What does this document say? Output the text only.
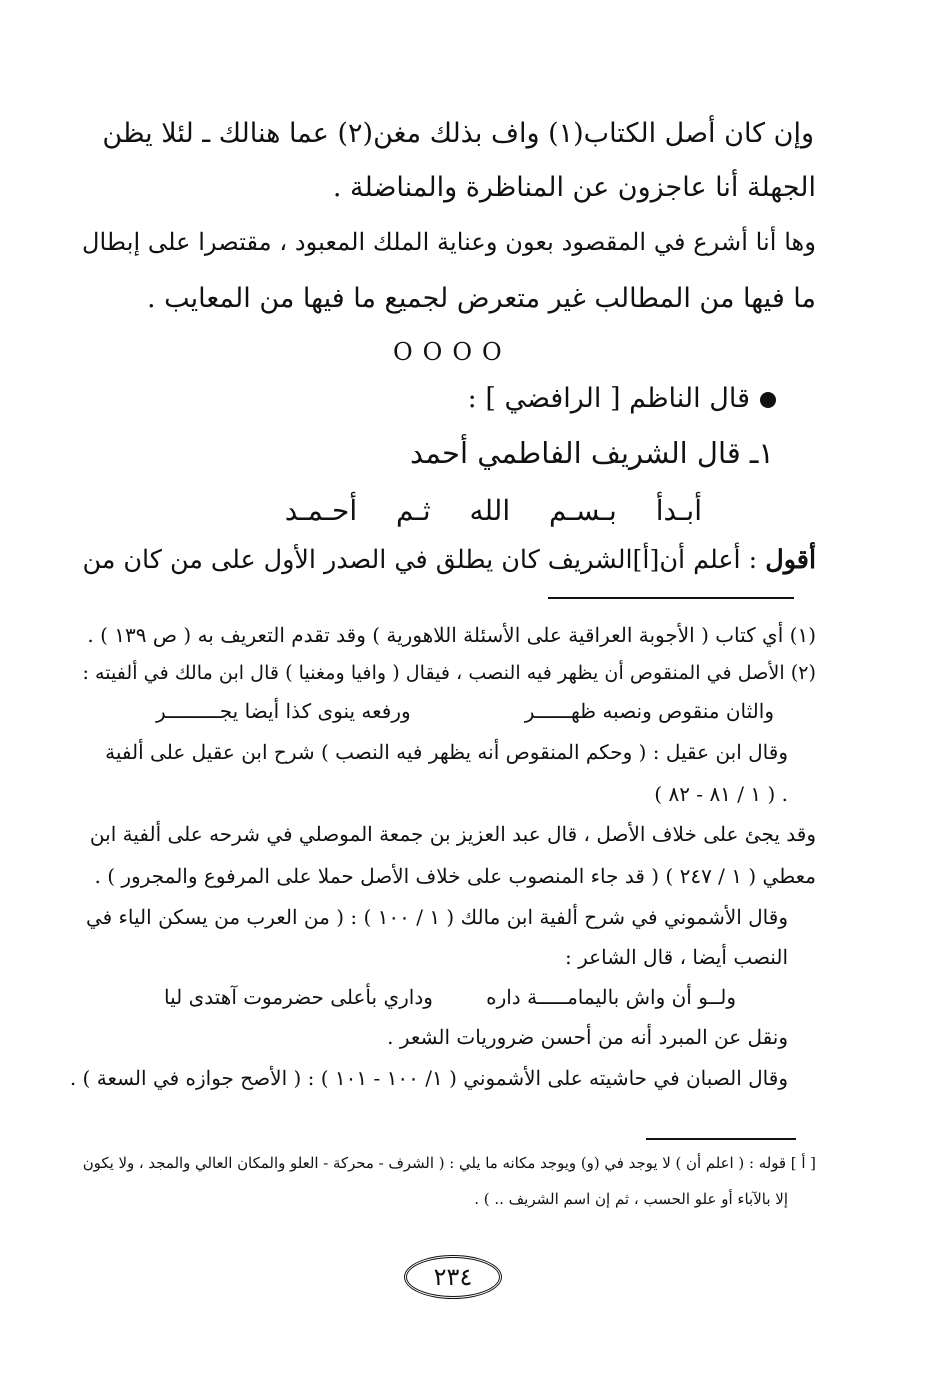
وإن كان أصل الكتاب(١) واف بذلك مغن(٢) عما هنالك ـ لئلا يظن
الجهلة أنا عاجزون عن المناظرة والمناضلة .
وها أنا أشرع في المقصود بعون وعناية الملك المعبود ، مقتصرا على إبطال
ما فيها من المطالب غير متعرض لجميع ما فيها من المعايب .
OOOO
قال الناظم [ الرافضي ] :
١ـ قال الشريف الفاطمي أحمد
أبـدأ بـسـم الله ثـم أحـمـد
أقول : أعلم أن[أ]الشريف كان يطلق في الصدر الأول على من كان من
(١) أي كتاب ( الأجوبة العراقية على الأسئلة اللاهورية ) وقد تقدم التعريف به ( ص ١٣٩ ) .
(٢) الأصل في المنقوص أن يظهر فيه النصب ، فيقال ( وافيا ومغنيا ) قال ابن مالك في ألفيته :
والثان منقوص ونصبه ظهــــــر
ورفعه ينوى كذا أيضا يجـــــــــر
وقال ابن عقيل : ( وحكم المنقوص أنه يظهر فيه النصب ) شرح ابن عقيل على ألفية
( ١ / ٨١ - ٨٢ ) .
وقد يجئ على خلاف الأصل ، قال عبد العزيز بن جمعة الموصلي في شرحه على ألفية ابن
معطي ( ١ / ٢٤٧ ) ( قد جاء المنصوب على خلاف الأصل حملا على المرفوع والمجرور ) .
وقال الأشموني في شرح ألفية ابن مالك ( ١ / ١٠٠ ) : ( من العرب من يسكن الياء في
النصب أيضا ، قال الشاعر :
ولــو أن واش باليمامـــــة داره
وداري بأعلى حضرموت آهتدى ليا
ونقل عن المبرد أنه من أحسن ضروريات الشعر .
وقال الصبان في حاشيته على الأشموني ( ١/ ١٠٠ - ١٠١ ) : ( الأصح جوازه في السعة ) .
[ أ ] قوله : ( اعلم أن ) لا يوجد في (و) ويوجد مكانه ما يلي : ( الشرف - محركة - العلو والمكان العالي والمجد ، ولا يكون
إلا بالآباء أو علو الحسب ، ثم إن اسم الشريف .. ) .
٢٣٤
